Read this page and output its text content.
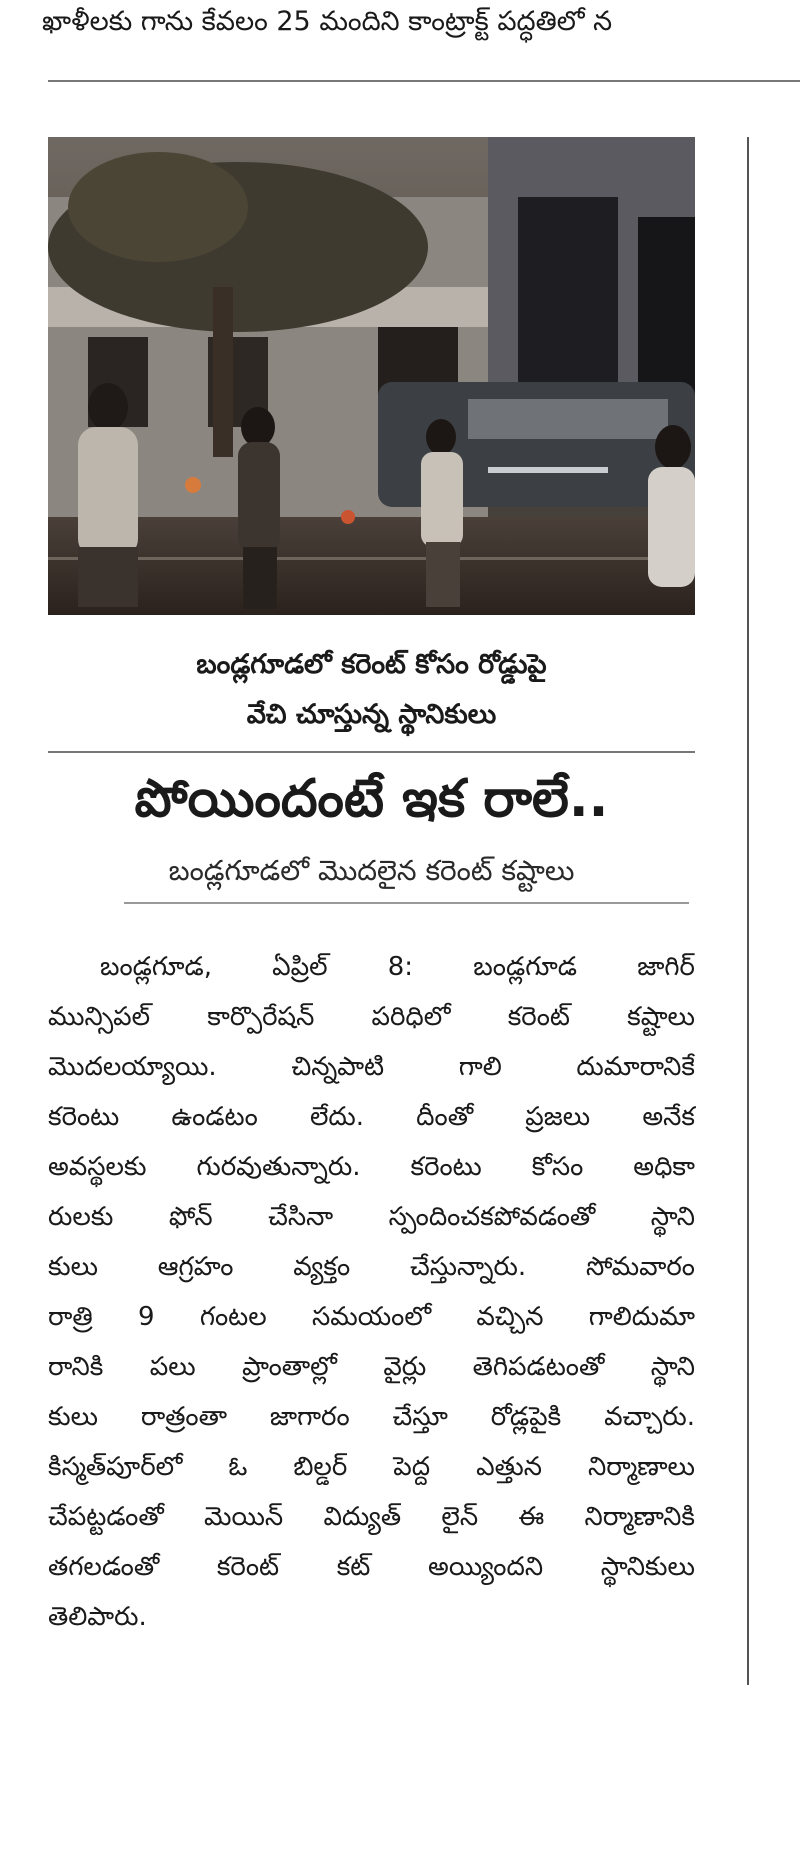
ఖాళీలకు గాను కేవలం 25 మందిని కాంట్రాక్ట్ పద్ధతిలో న
బండ్లగూడలో కరెంట్ కోసం రోడ్డుపై
వేచి చూస్తున్న స్థానికులు
పోయిందంటే ఇక రాలే..
బండ్లగూడలో మొదలైన కరెంట్ కష్టాలు
బండ్లగూడ, ఏప్రిల్ 8: బండ్లగూడ జాగిర్
మున్సిపల్ కార్పొరేషన్ పరిధిలో కరెంట్ కష్టాలు
మొదలయ్యాయి.	చిన్నపాటి	గాలి	దుమారానికే
కరెంటు ఉండటం లేదు. దీంతో ప్రజలు అనేక
అవస్థలకు గురవుతున్నారు. కరెంటు కోసం అధికా
రులకు ఫోన్ చేసినా స్పందించకపోవడంతో స్థాని
కులు ఆగ్రహం వ్యక్తం చేస్తున్నారు. సోమవారం
రాత్రి 9 గంటల సమయంలో వచ్చిన గాలిదుమా
రానికి పలు ప్రాంతాల్లో వైర్లు తెగిపడటంతో స్థాని
కులు రాత్రంతా జాగారం చేస్తూ రోడ్లపైకి వచ్చారు.
కిస్మత్‌పూర్‌లో ఓ బిల్డర్ పెద్ద ఎత్తున నిర్మాణాలు
చేపట్టడంతో మెయిన్ విద్యుత్ లైన్ ఈ నిర్మాణానికి
తగలడంతో కరెంట్ కట్ అయ్యిందని స్థానికులు
తెలిపారు.
